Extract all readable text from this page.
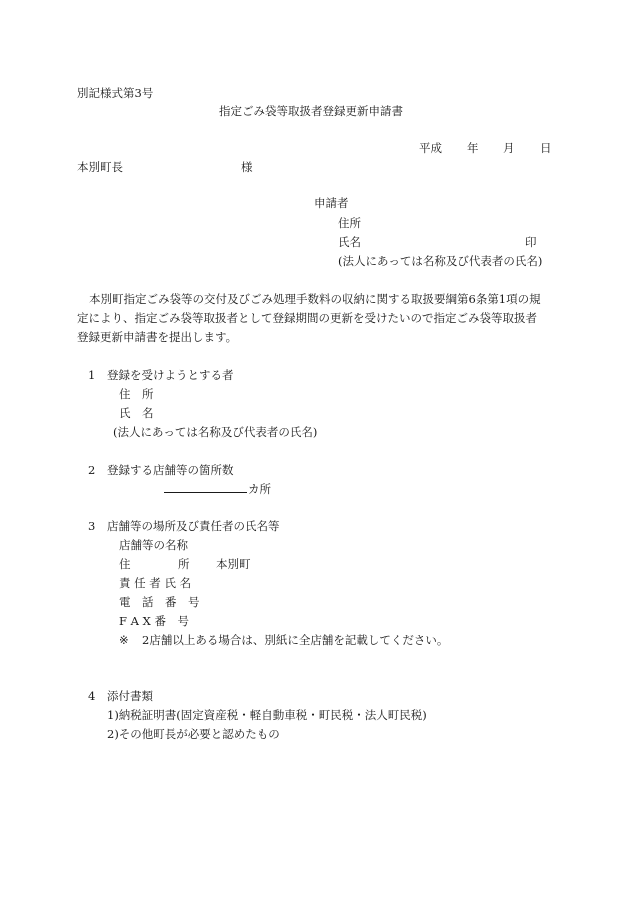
別記様式第3号
指定ごみ袋等取扱者登録更新申請書
平成 年 月 日
本別町長	様
申請者
住所
氏名	印
(法人にあっては名称及び代表者の氏名)
本別町指定ごみ袋等の交付及びごみ処理手数料の収納に関する取扱要綱第6条第1項の規
定により、指定ごみ袋等取扱者として登録期間の更新を受けたいので指定ごみ袋等取扱者
登録更新申請書を提出します。
1 登録を受けようとする者
住　所
氏　名
(法人にあっては名称及び代表者の氏名)
2 登録する店舗等の箇所数
カ所
3 店舗等の場所及び責任者の氏名等
店舗等の名称
住	所 本別町
責 任 者 氏 名
電　話　番　号
F A X 番　号
※ 2店舗以上ある場合は、別紙に全店舗を記載してください。
4 添付書類
1)納税証明書(固定資産税・軽自動車税・町民税・法人町民税)
2)その他町長が必要と認めたもの
